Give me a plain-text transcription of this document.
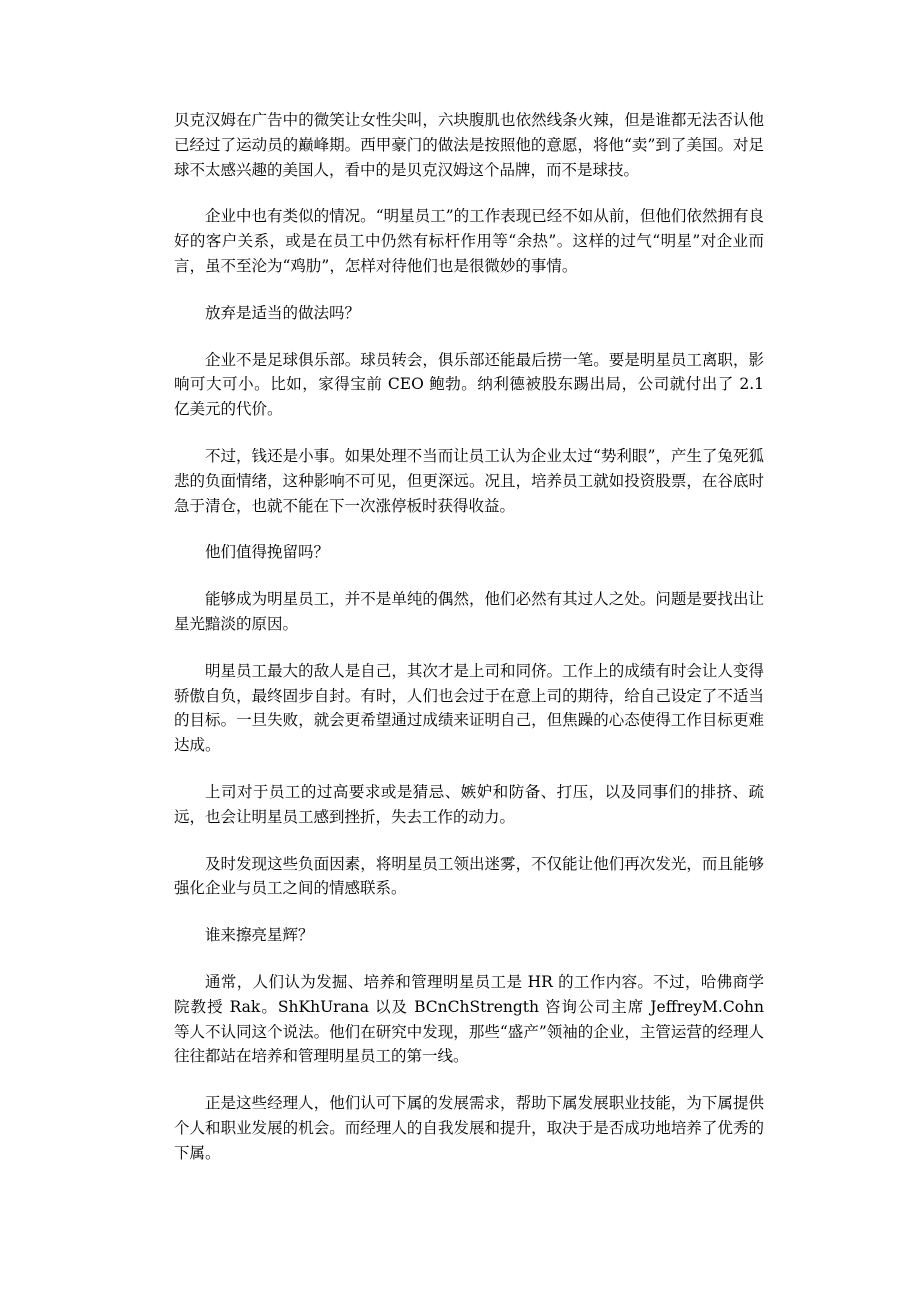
贝克汉姆在广告中的微笑让女性尖叫，六块腹肌也依然线条火辣，但是谁都无法否认他已经过了运动员的巅峰期。西甲豪门的做法是按照他的意愿，将他“卖”到了美国。对足球不太感兴趣的美国人，看中的是贝克汉姆这个品牌，而不是球技。

企业中也有类似的情况。“明星员工”的工作表现已经不如从前，但他们依然拥有良好的客户关系，或是在员工中仍然有标杆作用等“余热”。这样的过气“明星”对企业而言，虽不至沦为“鸡肋”，怎样对待他们也是很微妙的事情。

放弃是适当的做法吗？

企业不是足球俱乐部。球员转会，俱乐部还能最后捞一笔。要是明星员工离职，影响可大可小。比如，家得宝前 CEO 鲍勃。纳利德被股东踢出局，公司就付出了 2.1 亿美元的代价。

不过，钱还是小事。如果处理不当而让员工认为企业太过“势利眼”，产生了兔死狐悲的负面情绪，这种影响不可见，但更深远。况且，培养员工就如投资股票，在谷底时急于清仓，也就不能在下一次涨停板时获得收益。

他们值得挽留吗？

能够成为明星员工，并不是单纯的偶然，他们必然有其过人之处。问题是要找出让星光黯淡的原因。

明星员工最大的敌人是自己，其次才是上司和同侪。工作上的成绩有时会让人变得骄傲自负，最终固步自封。有时，人们也会过于在意上司的期待，给自己设定了不适当的目标。一旦失败，就会更希望通过成绩来证明自己，但焦躁的心态使得工作目标更难达成。

上司对于员工的过高要求或是猜忌、嫉妒和防备、打压，以及同事们的排挤、疏远，也会让明星员工感到挫折，失去工作的动力。

及时发现这些负面因素，将明星员工领出迷雾，不仅能让他们再次发光，而且能够强化企业与员工之间的情感联系。

谁来擦亮星辉？

通常，人们认为发掘、培养和管理明星员工是 HR 的工作内容。不过，哈佛商学院教授 Rak。ShKhUrana 以及 BCnChStrength 咨询公司主席 JeffreyM.Cohn 等人不认同这个说法。他们在研究中发现，那些“盛产”领袖的企业，主管运营的经理人往往都站在培养和管理明星员工的第一线。

正是这些经理人，他们认可下属的发展需求，帮助下属发展职业技能，为下属提供个人和职业发展的机会。而经理人的自我发展和提升，取决于是否成功地培养了优秀的下属。
